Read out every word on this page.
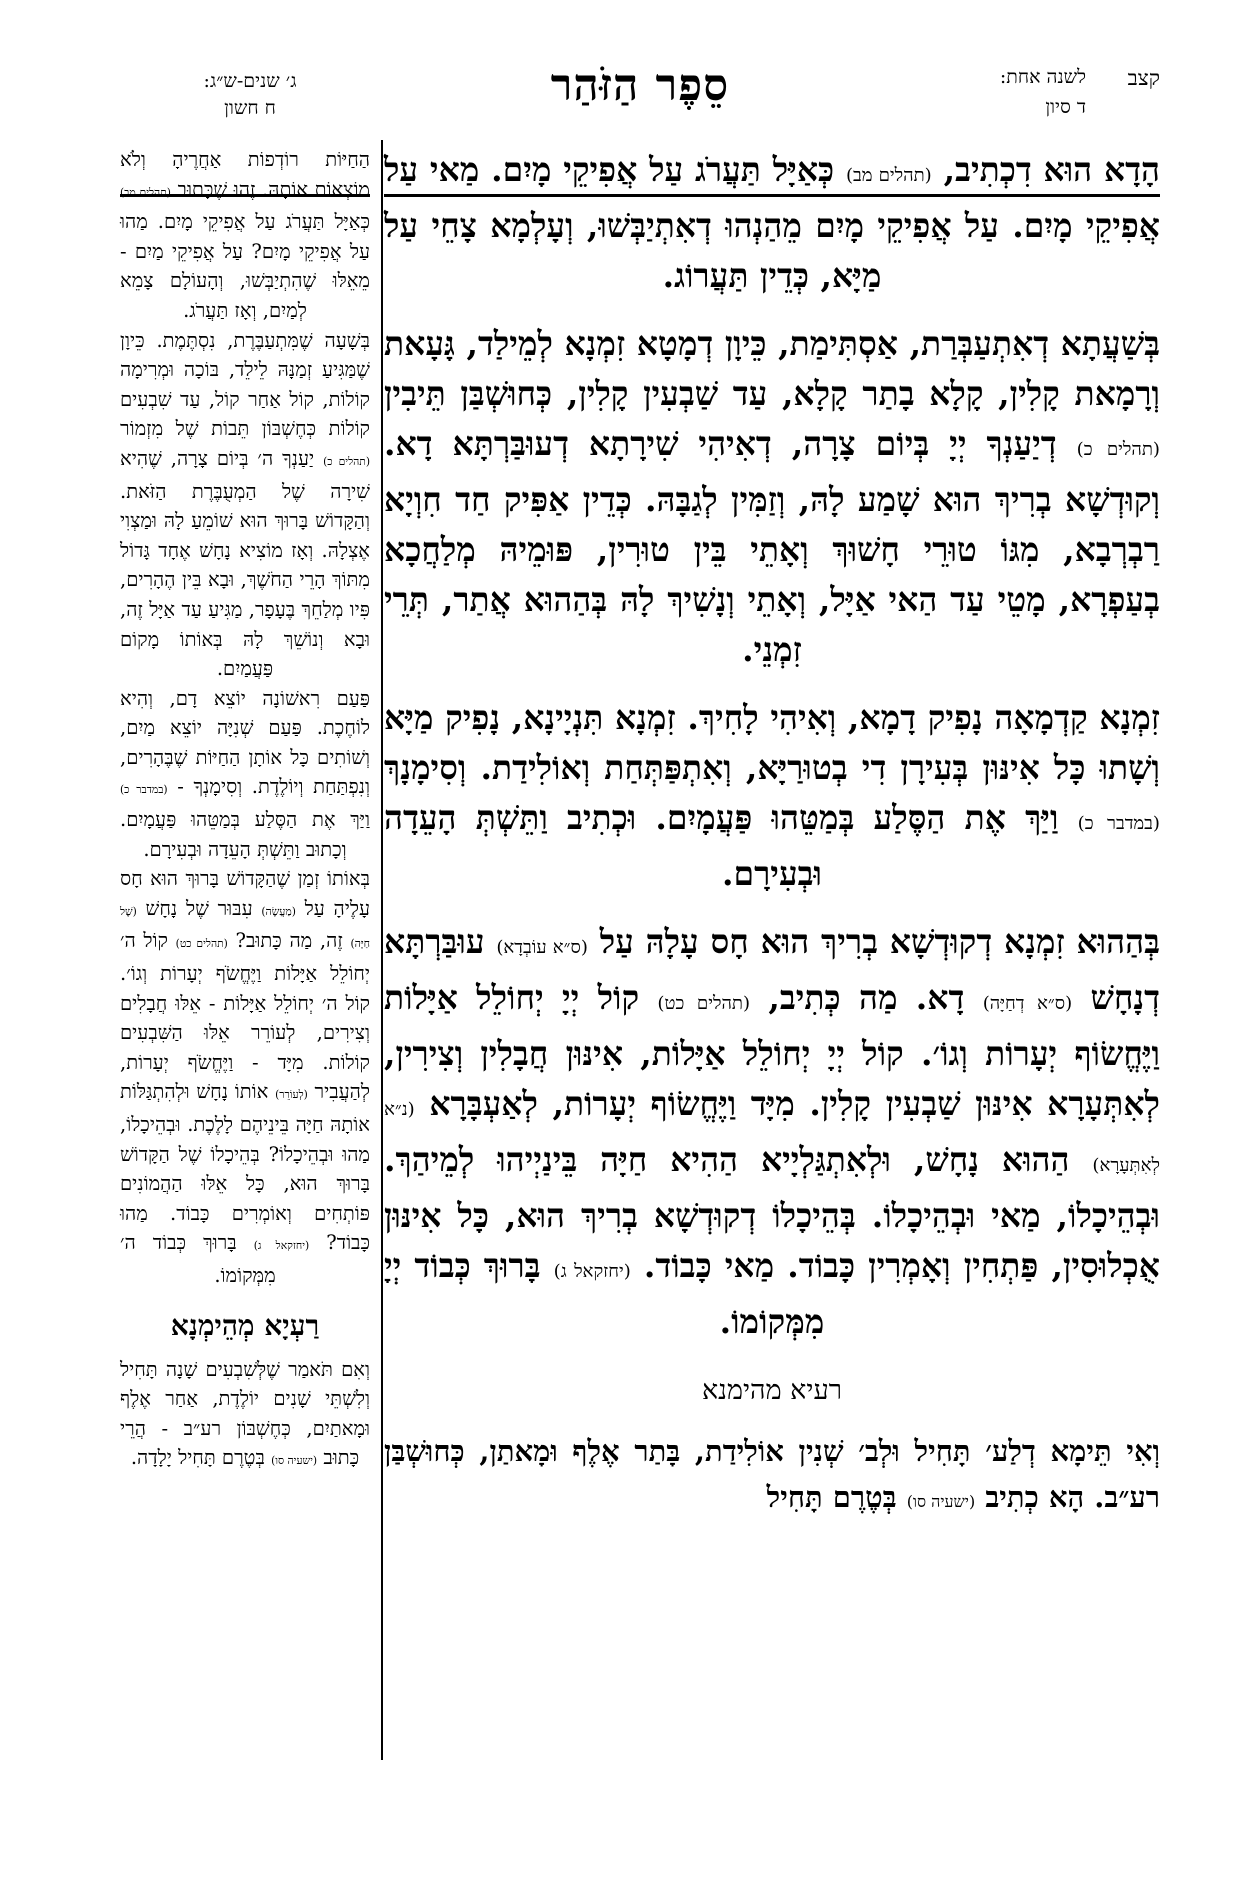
קצב
לשנה אחת:
ד סיון
סֵפֶר הַזֹּהַר
ג׳ שנים-ש״ג:
ח חשון

הָדָא הוּא דִכְתִיב, (תהלים מב) כְּאַיָּל תַּעֲרֹג עַל אֲפִיקֵי מָיִם. מַאי עַל אֲפִיקֵי מָיִם. עַל אֲפִיקֵי מָיִם מֵהַנְהוּ דְאִתְיַבְּשׁוּ, וְעָלְמָא צָחֵי עַל מַיָּא, כְּדֵין תַּעֲרוֹג.

בְּשַׁעֲתָא דְאִתְעַבְּרַת, אַסְתִּימַת, כֵּיוָן דְמָטָא זִמְנָא לְמֵילַד, גָּעָאת וְרָמָאת קָלִין, קָלָא בָתַר קָלָא, עַד שַׁבְעִין קָלִין, כְּחוּשְׁבַּן תֵּיבִין (תהלים כ) דְיַעַנְךָ יְיָ בְּיוֹם צָרָה, דְאִיהִי שִׁירָתָא דְעוּבַּרְתָּא דָא. וְקוּדְשָׁא בְרִיךְ הוּא שָׁמַע לָהּ, וְזַמִּין לְגַבָּהּ. כְּדֵין אַפִּיק חַד חִוְיָא רַבְרְבָא, מִגּוֹ טוּרֵי חָשׁוּךְ וְאָתֵי בֵּין טוּרִין, פּוּמֵיהּ מְלַחֲכָא בְעַפְרָא, מָטֵי עַד הַאי אַיָּל, וְאָתֵי וְנָשִׁיךְ לָהּ בְּהַהוּא אֲתַר, תְּרֵי זִמְנֵי.

זִמְנָא קַדְמָאָה נָפִיק דָמָא, וְאִיהִי לָחִיךְ. זִמְנָא תִּנְיָינָא, נָפִיק מַיָּא וְשָׁתוּ כָּל אִינּוּן בְּעִירָן דִי בְטוּרַיָּא, וְאִתְפַּתְּחַת וְאוֹלִידַת. וְסִימָנָךְ (במדבר כ) וַיַּךְ אֶת הַסֶּלַע בְּמַטֵּהוּ פַּעֲמָיִם. וּכְתִיב וַתֵּשְׁתְּ הָעֵדָה וּבְעִירָם.

בְּהַהוּא זִמְנָא דְקוּדְשָׁא בְרִיךְ הוּא חָס עָלָהּ עַל (ס״א עוֹבְדָא) עוּבַּרְתָּא דְנָחָשׁ (ס״א דְחַיָּה) דָא. מַה כְּתִיב, (תהלים כט) קוֹל יְיָ יְחוֹלֵל אַיָּלוֹת וַיֶּחֱשׂוֹף יְעָרוֹת וְגוֹ׳. קוֹל יְיָ יְחוֹלֵל אַיָּלוֹת, אִינּוּן חֲבָלִין וְצִירִין, לְאִתְּעָרָא אִינּוּן שַׁבְעִין קָלִין. מִיָּד וַיֶּחֱשׂוֹף יְעָרוֹת, לְאַעְבָּרָא (נ״א לְאִתְּעָרָא) הַהוּא נָחָשׁ, וּלְאִתְגַּלְיָיא הַהִיא חַיָּה בֵּינַיְיהוּ לְמֵיהַךְ. וּבְהֵיכָלוֹ, מַאי וּבְהֵיכָלוֹ. בְּהֵיכָלוֹ דְקוּדְשָׁא בְרִיךְ הוּא, כָּל אִינּוּן אֻכְלוּסִין, פַּתְחִין וְאָמְרִין כָּבוֹד. מַאי כָּבוֹד. (יחזקאל ג) בָּרוּךְ כְּבוֹד יְיָ מִמְּקוֹמוֹ.

רעיא מהימנא

וְאִי תֵּימָא דְלַע׳ תָּחִיל וּלְב׳ שְׁנִין אוֹלִידַת, בָּתַר אֶלֶף וּמָאתַן, כְּחוּשְׁבַּן רע״ב. הָא כְתִיב (ישעיה סו) בְּטֶרֶם תָּחִיל

הַחַיּוֹת רוֹדְפוֹת אַחֲרֶיהָ וְלֹא מוֹצְאוֹת אוֹתָהּ. זֶהוּ שֶׁכָּתוּב (תהלים מב) כְּאַיָּל תַּעֲרֹג עַל אֲפִיקֵי מָיִם. מַהוּ עַל אֲפִיקֵי מָיִם? עַל אֲפִיקֵי מַיִם - מֵאֵלּוּ שֶׁהִתְיַבְּשׁוּ, וְהָעוֹלָם צָמֵא לְמַיִם, וְאָז תַּעֲרֹג.

בְּשָׁעָה שֶׁמִּתְעַבֶּרֶת, נִסְתֶּמֶת. כֵּיוָן שֶׁמַּגִּיעַ זְמַנָּהּ לֵילֵד, בּוֹכָה וּמְרִימָה קוֹלוֹת, קוֹל אַחַר קוֹל, עַד שִׁבְעִים קוֹלוֹת כְּחֶשְׁבּוֹן תֵּבוֹת שֶׁל מִזְמוֹר (תהלים כ) יַעַנְךָ ה׳ בְּיוֹם צָרָה, שֶׁהִיא שִׁירָה שֶׁל הַמְעֻבֶּרֶת הַזֹּאת. וְהַקָּדוֹשׁ בָּרוּךְ הוּא שׁוֹמֵעַ לָהּ וּמַצְוִי אֶצְלָהּ. וְאָז מוֹצִיא נָחָשׁ אֶחָד גָּדוֹל מִתּוֹךְ הָרֵי הַחֹשֶׁךְ, וּבָא בֵּין הֶהָרִים, פִּיו מְלַחֵךְ בֶּעָפָר, מַגִּיעַ עַד אַיָּל זֶה, וּבָא וְנוֹשֵׁךְ לָהּ בְּאוֹתוֹ מָקוֹם פַּעֲמַיִם.

פַּעַם רִאשׁוֹנָה יוֹצֵא דָם, וְהִיא לוֹחֶכֶת. פַּעַם שְׁנִיָּה יוֹצֵא מַיִם, וְשׁוֹתִים כָּל אוֹתָן הַחַיּוֹת שֶׁבֶּהָרִים, וְנִפְתַּחַת וְיוֹלֶדֶת. וְסִימָנְךָ - (במדבר כ) וַיַּךְ אֶת הַסֶּלַע בְּמַטֵּהוּ פַּעֲמָיִם. וְכָתוּב וַתֵּשְׁתְּ הָעֵדָה וּבְעִירָם.

בְּאוֹתוֹ זְמַן שֶׁהַקָּדוֹשׁ בָּרוּךְ הוּא חָס עָלֶיהָ עַל (מַעֲשֶׂה) עִבּוּר שֶׁל נָחָשׁ (שֶׁל חַיָּה) זֶה, מַה כָּתוּב? (תהלים כט) קוֹל ה׳ יְחוֹלֵל אַיָּלוֹת וַיֶּחֱשֹׂף יְעָרוֹת וְגוֹ׳. קוֹל ה׳ יְחוֹלֵל אַיָּלוֹת - אֵלּוּ חֲבָלִים וְצִירִים, לְעוֹרֵר אֵלּוּ הַשִּׁבְעִים קוֹלוֹת. מִיָּד - וַיֶּחֱשֹׂף יְעָרוֹת, לְהַעֲבִיר (לְעוֹרֵר) אוֹתוֹ נָחָשׁ וּלְהִתְגַּלּוֹת אוֹתָהּ חַיָּה בֵּינֵיהֶם לָלֶכֶת. וּבְהֵיכָלוֹ, מַהוּ וּבְהֵיכָלוֹ? בְּהֵיכָלוֹ שֶׁל הַקָּדוֹשׁ בָּרוּךְ הוּא, כָּל אֵלּוּ הַהֲמוֹנִים פּוֹתְחִים וְאוֹמְרִים כָּבוֹד. מַהוּ כָּבוֹד? (יחזקאל ג) בָּרוּךְ כְּבוֹד ה׳ מִמְּקוֹמוֹ.

רַעְיָא מְהֵימְנָא

וְאִם תֹּאמַר שֶׁלְּשִׁבְעִים שָׁנָה תָּחִיל וְלִשְׁתֵּי שָׁנִים יוֹלֶדֶת, אַחַר אֶלֶף וּמָאתַיִם, כְּחֶשְׁבּוֹן רע״ב - הֲרֵי כָּתוּב (ישעיה סו) בְּטֶרֶם תָּחִיל יָלָדָה.
